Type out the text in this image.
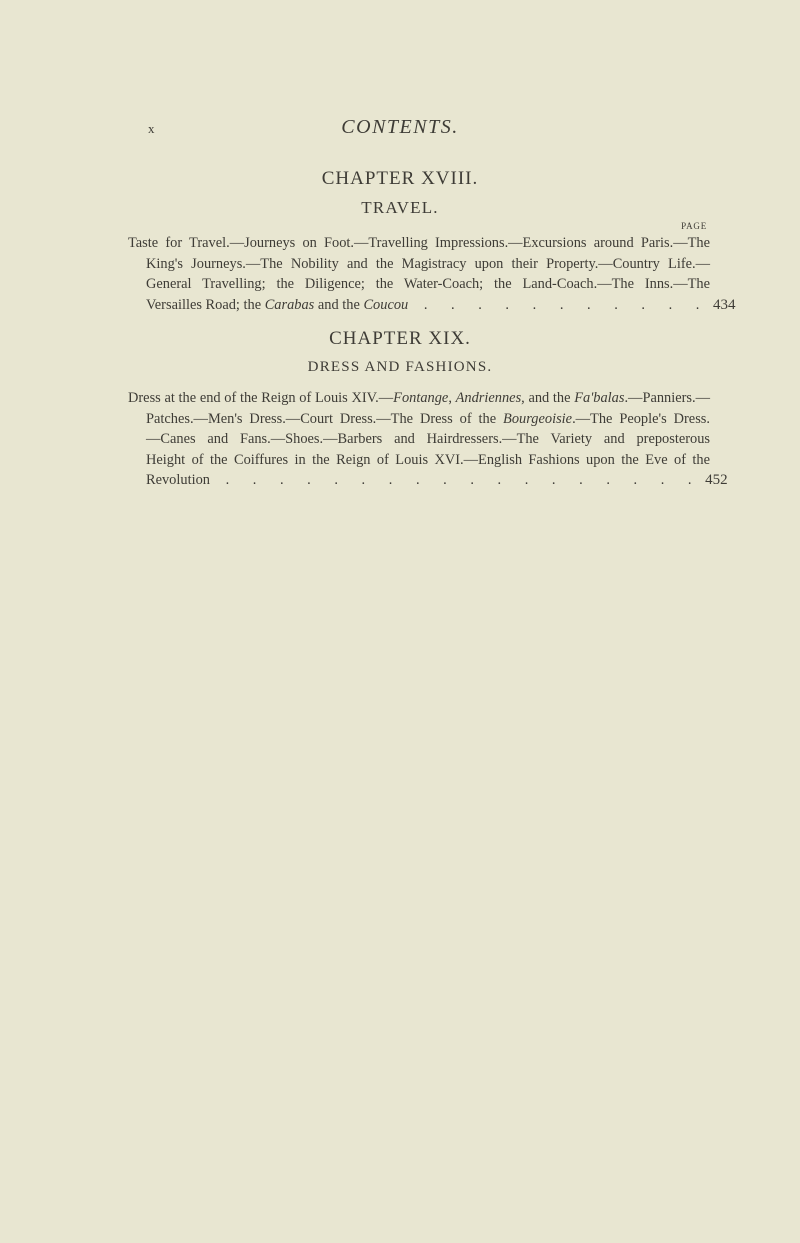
x	CONTENTS.
CHAPTER XVIII.
TRAVEL.
PAGE
Taste for Travel.—Journeys on Foot.—Travelling Impressions.—Excursions around Paris.—The
King's Journeys.—The Nobility and the Magistracy upon their Property.—Country Life.—
General Travelling; the Diligence; the Water-Coach; the Land-Coach.—The Inns.—The
Versailles Road; the Carabas and the Coucou . . . . . . . . . . . 434
CHAPTER XIX.
DRESS AND FASHIONS.
Dress at the end of the Reign of Louis XIV.—Fontange, Andriennes, and the Fa'balas.—Panniers.—
Patches.—Men's Dress.—Court Dress.—The Dress of the Bourgeoisie.—The People's Dress.
—Canes and Fans.—Shoes.—Barbers and Hairdressers.—The Variety and preposterous
Height of the Coiffures in the Reign of Louis XVI.—English Fashions upon the Eve of the
Revolution . . . . . . . . . . . . . . . . . . 452
